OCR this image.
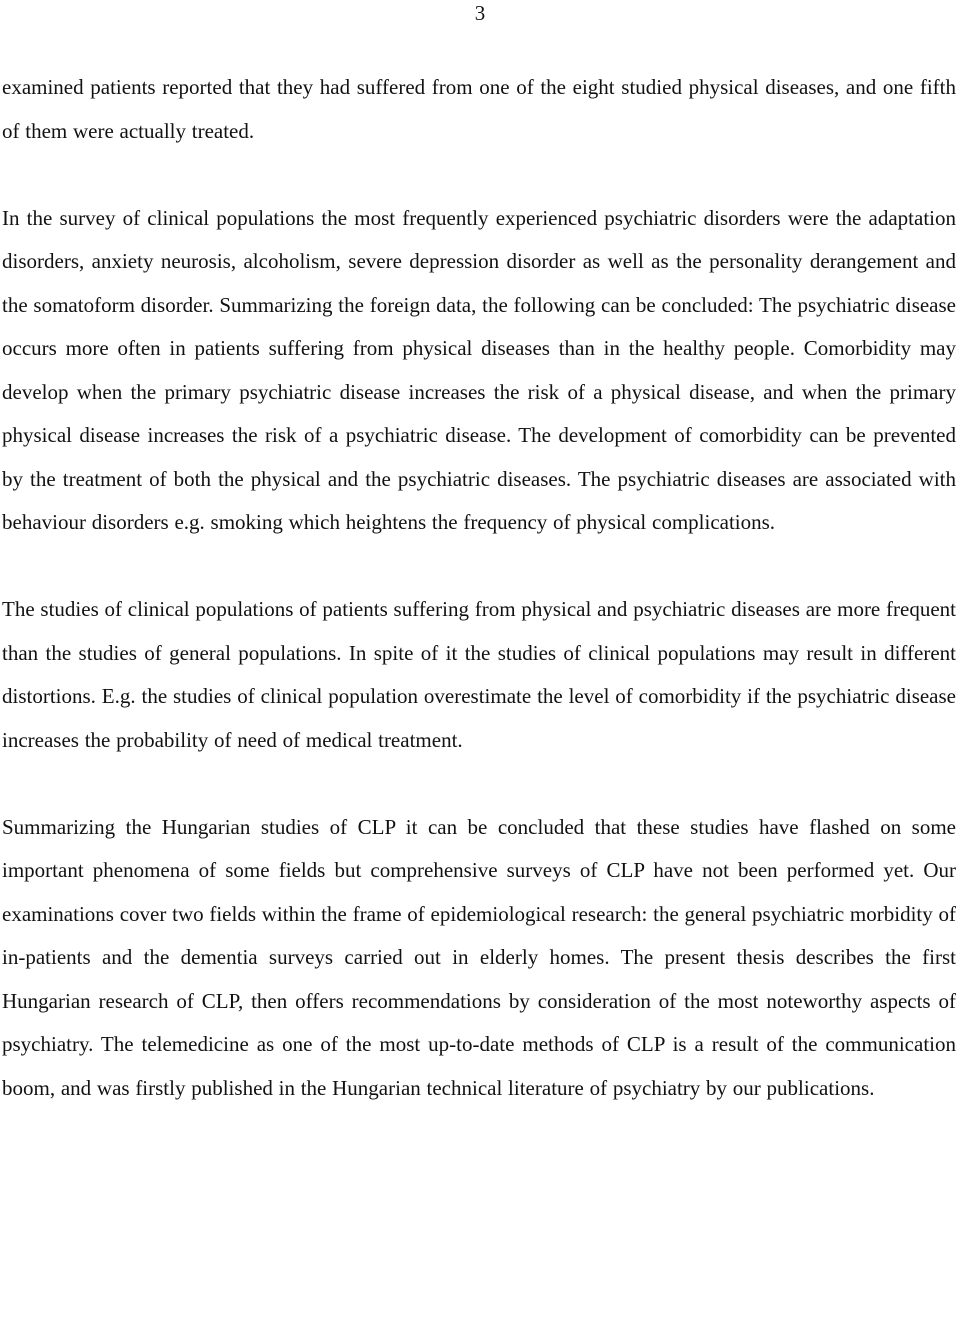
3

examined patients reported that they had suffered from one of the eight studied physical diseases, and one fifth of them were actually treated.

In the survey of clinical populations the most frequently experienced psychiatric disorders were the adaptation disorders, anxiety neurosis, alcoholism, severe depression disorder as well as the personality derangement and the somatoform disorder. Summarizing the foreign data, the following can be concluded: The psychiatric disease occurs more often in patients suffering from physical diseases than in the healthy people. Comorbidity may develop when the primary psychiatric disease increases the risk of a physical disease, and when the primary physical disease increases the risk of a psychiatric disease. The development of comorbidity can be prevented by the treatment of both the physical and the psychiatric diseases. The psychiatric diseases are associated with behaviour disorders e.g. smoking which heightens the frequency of physical complications.

The studies of clinical populations of patients suffering from physical and psychiatric diseases are more frequent than the studies of general populations. In spite of it the studies of clinical populations may result in different distortions. E.g. the studies of clinical population overestimate the level of comorbidity if the psychiatric disease increases the probability of need of medical treatment.

Summarizing the Hungarian studies of CLP it can be concluded that these studies have flashed on some important phenomena of some fields but comprehensive surveys of CLP have not been performed yet. Our examinations cover two fields within the frame of epidemiological research: the general psychiatric morbidity of in-patients and the dementia surveys carried out in elderly homes. The present thesis describes the first Hungarian research of CLP, then offers recommendations by consideration of the most noteworthy aspects of psychiatry. The telemedicine as one of the most up-to-date methods of CLP is a result of the communication boom, and was firstly published in the Hungarian technical literature of psychiatry by our publications.
